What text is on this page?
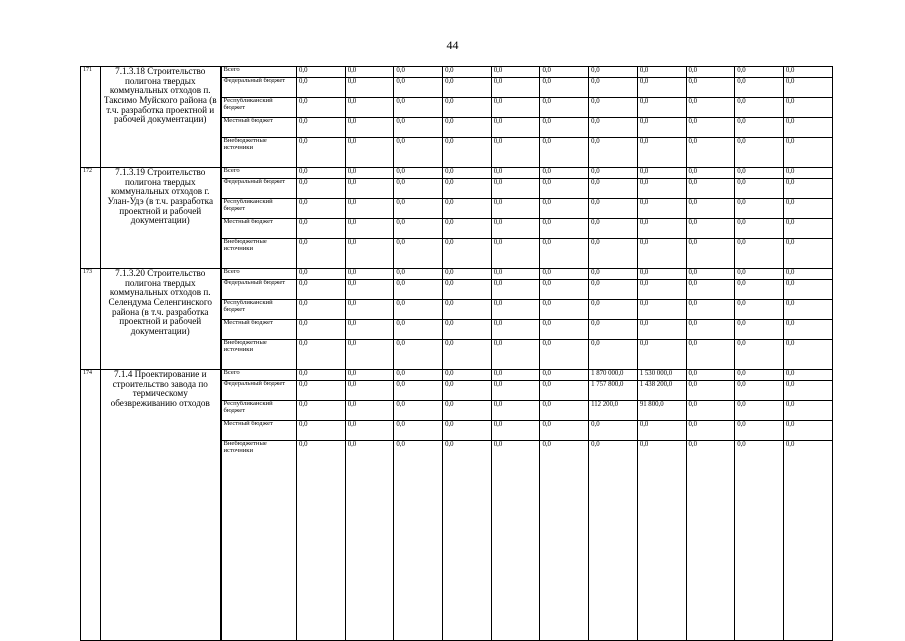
44
171	7.1.3.18 Строительство полигона твердых коммунальных отходов п. Таксимо Муйского района (в т.ч. разработка проектной и рабочей документации)	Всего	0,0	0,0	0,0	0,0	0,0	0,0	0,0	0,0	0,0	0,0	0,0
		Федеральный бюджет	0,0	0,0	0,0	0,0	0,0	0,0	0,0	0,0	0,0	0,0	0,0
		Республиканский бюджет	0,0	0,0	0,0	0,0	0,0	0,0	0,0	0,0	0,0	0,0	0,0
		Местный бюджет	0,0	0,0	0,0	0,0	0,0	0,0	0,0	0,0	0,0	0,0	0,0
		Внебюджетные источники	0,0	0,0	0,0	0,0	0,0	0,0	0,0	0,0	0,0	0,0	0,0
172	7.1.3.19 Строительство полигона твердых коммунальных отходов г. Улан-Удэ (в т.ч. разработка проектной и рабочей документации)	Всего	0,0	0,0	0,0	0,0	0,0	0,0	0,0	0,0	0,0	0,0	0,0
		Федеральный бюджет	0,0	0,0	0,0	0,0	0,0	0,0	0,0	0,0	0,0	0,0	0,0
		Республиканский бюджет	0,0	0,0	0,0	0,0	0,0	0,0	0,0	0,0	0,0	0,0	0,0
		Местный бюджет	0,0	0,0	0,0	0,0	0,0	0,0	0,0	0,0	0,0	0,0	0,0
		Внебюджетные источники	0,0	0,0	0,0	0,0	0,0	0,0	0,0	0,0	0,0	0,0	0,0
173	7.1.3.20 Строительство полигона твердых коммунальных отходов п. Селендума Селенгинского района (в т.ч. разработка проектной и рабочей документации)	Всего	0,0	0,0	0,0	0,0	0,0	0,0	0,0	0,0	0,0	0,0	0,0
		Федеральный бюджет	0,0	0,0	0,0	0,0	0,0	0,0	0,0	0,0	0,0	0,0	0,0
		Республиканский бюджет	0,0	0,0	0,0	0,0	0,0	0,0	0,0	0,0	0,0	0,0	0,0
		Местный бюджет	0,0	0,0	0,0	0,0	0,0	0,0	0,0	0,0	0,0	0,0	0,0
		Внебюджетные источники	0,0	0,0	0,0	0,0	0,0	0,0	0,0	0,0	0,0	0,0	0,0
174	7.1.4 Проектирование и строительство завода по термическому обезвреживанию отходов	Всего	0,0	0,0	0,0	0,0	0,0	0,0	1 870 000,0	1 530 000,0	0,0	0,0	0,0
		Федеральный бюджет	0,0	0,0	0,0	0,0	0,0	0,0	1 757 800,0	1 438 200,0	0,0	0,0	0,0
		Республиканский бюджет	0,0	0,0	0,0	0,0	0,0	0,0	112 200,0	91 800,0	0,0	0,0	0,0
		Местный бюджет	0,0	0,0	0,0	0,0	0,0	0,0	0,0	0,0	0,0	0,0	0,0
		Внебюджетные источники	0,0	0,0	0,0	0,0	0,0	0,0	0,0	0,0	0,0	0,0	0,0
